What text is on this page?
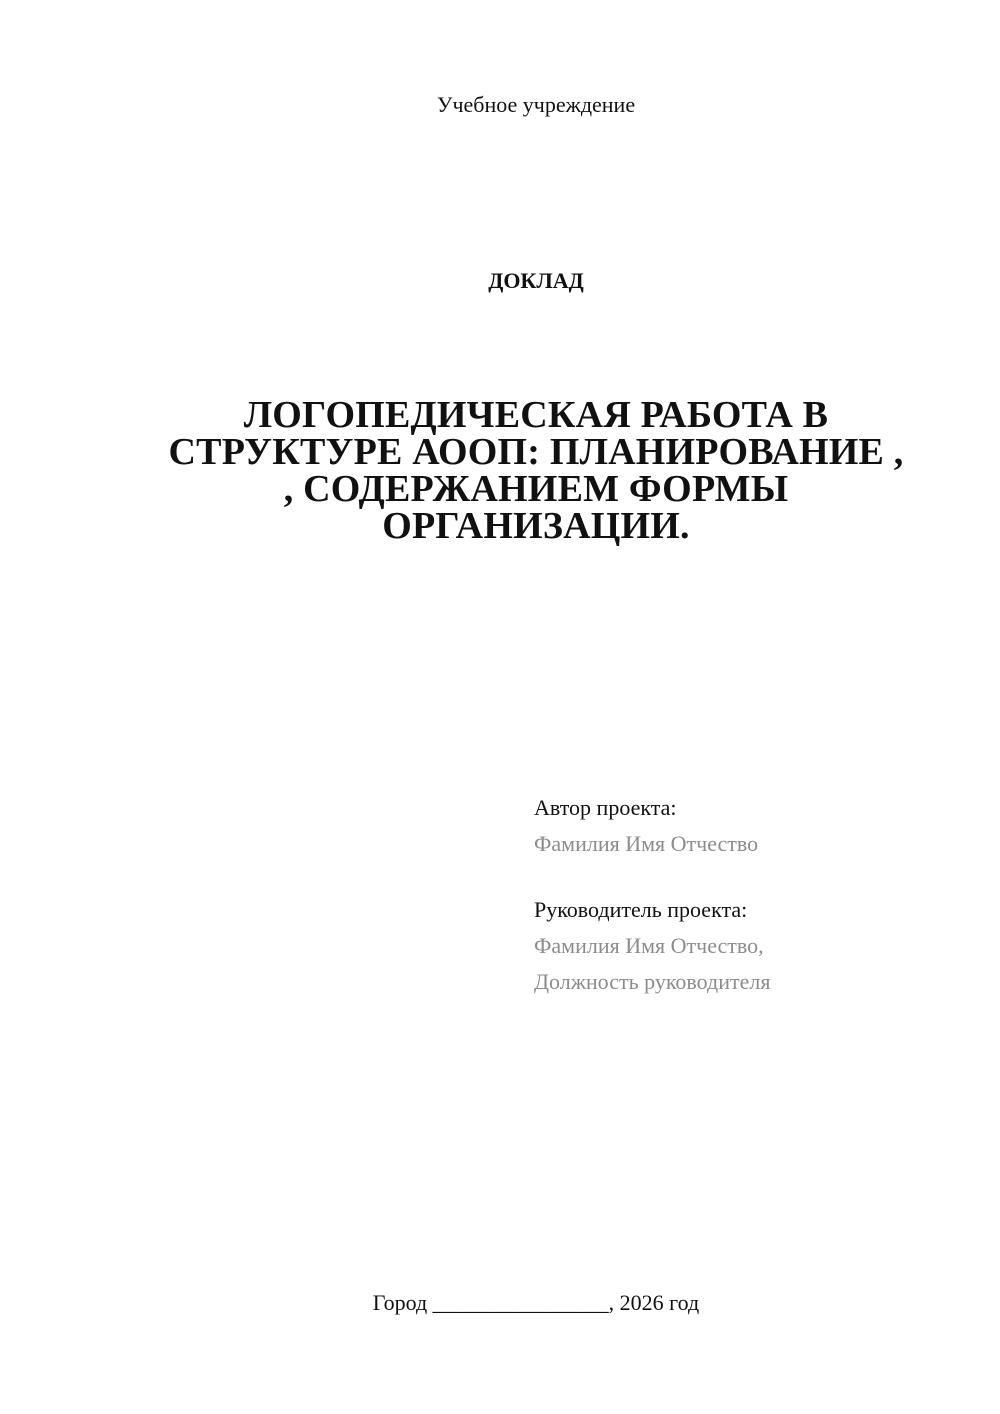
Учебное учреждение
ДОКЛАД
ЛОГОПЕДИЧЕСКАЯ РАБОТА В
СТРУКТУРЕ АООП: ПЛАНИРОВАНИЕ ,
, СОДЕРЖАНИЕМ ФОРМЫ
ОРГАНИЗАЦИИ.
Автор проекта:
Фамилия Имя Отчество
Руководитель проекта:
Фамилия Имя Отчество,
Должность руководителя
Город ________________, 2026 год
